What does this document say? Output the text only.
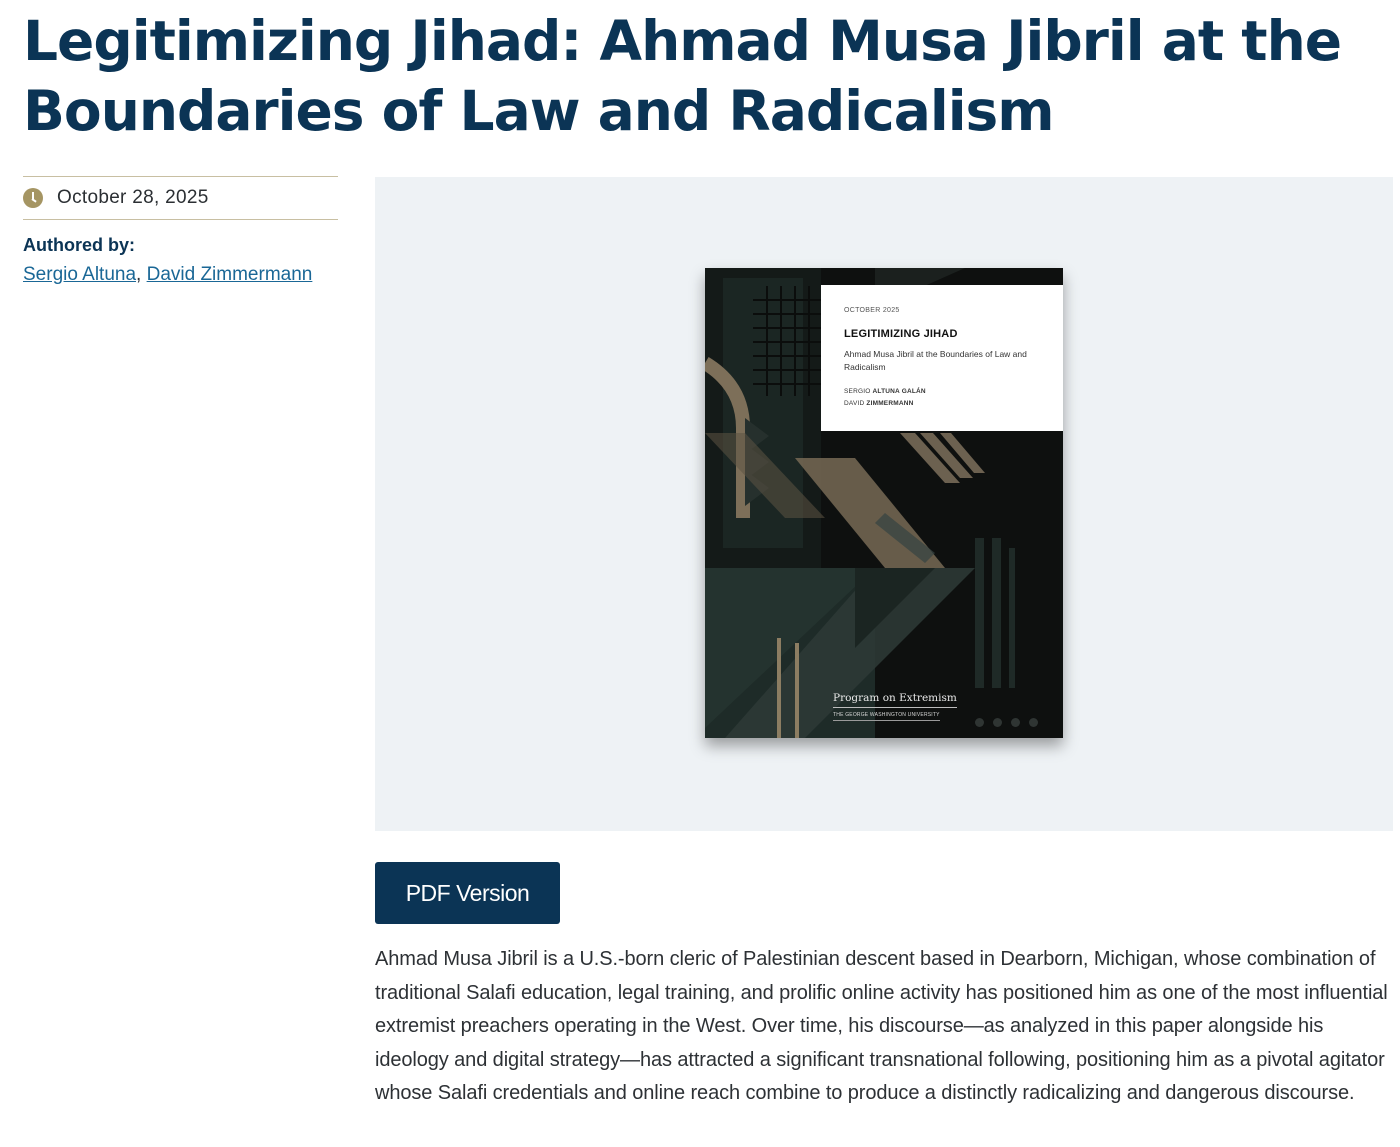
Legitimizing Jihad: Ahmad Musa Jibril at the Boundaries of Law and Radicalism
October 28, 2025
Authored by:
Sergio Altuna, David Zimmermann
OCTOBER 2025
LEGITIMIZING JIHAD
Ahmad Musa Jibril at the Boundaries of Law and Radicalism
SERGIO ALTUNA GALÁN
DAVID ZIMMERMANN
Program on Extremism
THE GEORGE WASHINGTON UNIVERSITY
PDF Version

Ahmad Musa Jibril is a U.S.-born cleric of Palestinian descent based in Dearborn, Michigan, whose combination of traditional Salafi education, legal training, and prolific online activity has positioned him as one of the most influential extremist preachers operating in the West. Over time, his discourse—as analyzed in this paper alongside his ideology and digital strategy—has attracted a significant transnational following, positioning him as a pivotal agitator whose Salafi credentials and online reach combine to produce a distinctly radicalizing and dangerous discourse.
